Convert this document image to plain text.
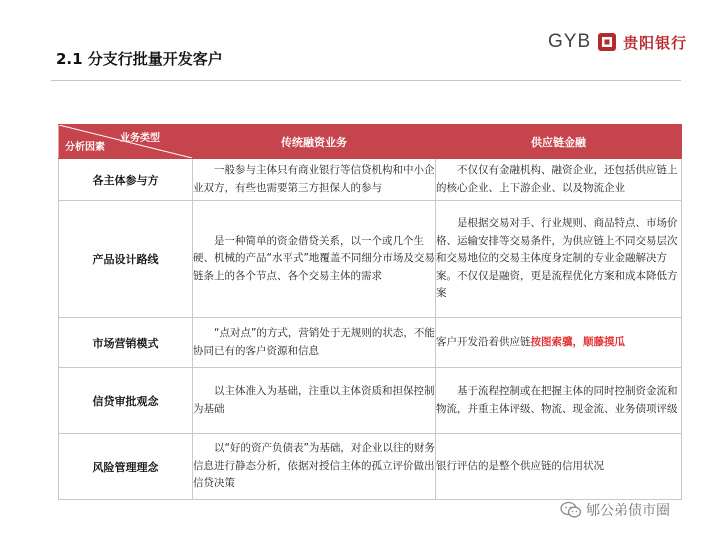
2.1 分支行批量开发客户
GYB 贵阳银行
业务类型
分析因素	传统融资业务	供应链金融
各主体参与方	一般参与主体只有商业银行等信贷机构和中小企业双方，有些也需要第三方担保人的参与	不仅仅有金融机构、融资企业，还包括供应链上的核心企业、上下游企业、以及物流企业
产品设计路线	是一种简单的资金借贷关系，以一个或几个生硬、机械的产品“水平式”地覆盖不同细分市场及交易链条上的各个节点、各个交易主体的需求	是根据交易对手、行业规则、商品特点、市场价格、运输安排等交易条件，为供应链上不同交易层次和交易地位的交易主体度身定制的专业金融解决方案。不仅仅是融资，更是流程优化方案和成本降低方案
市场营销模式	“点对点”的方式，营销处于无规则的状态，不能协同已有的客户资源和信息	客户开发沿着供应链按图索骥，顺藤摸瓜
信贷审批观念	以主体准入为基础，注重以主体资质和担保控制为基础	基于流程控制或在把握主体的同时控制资金流和物流，并重主体评级、物流、现金流、业务债项评级
风险管理理念	以“好的资产负债表”为基础，对企业以往的财务信息进行静态分析，依据对授信主体的孤立评价做出信贷决策	银行评估的是整个供应链的信用状况
郇公弟债市圈
